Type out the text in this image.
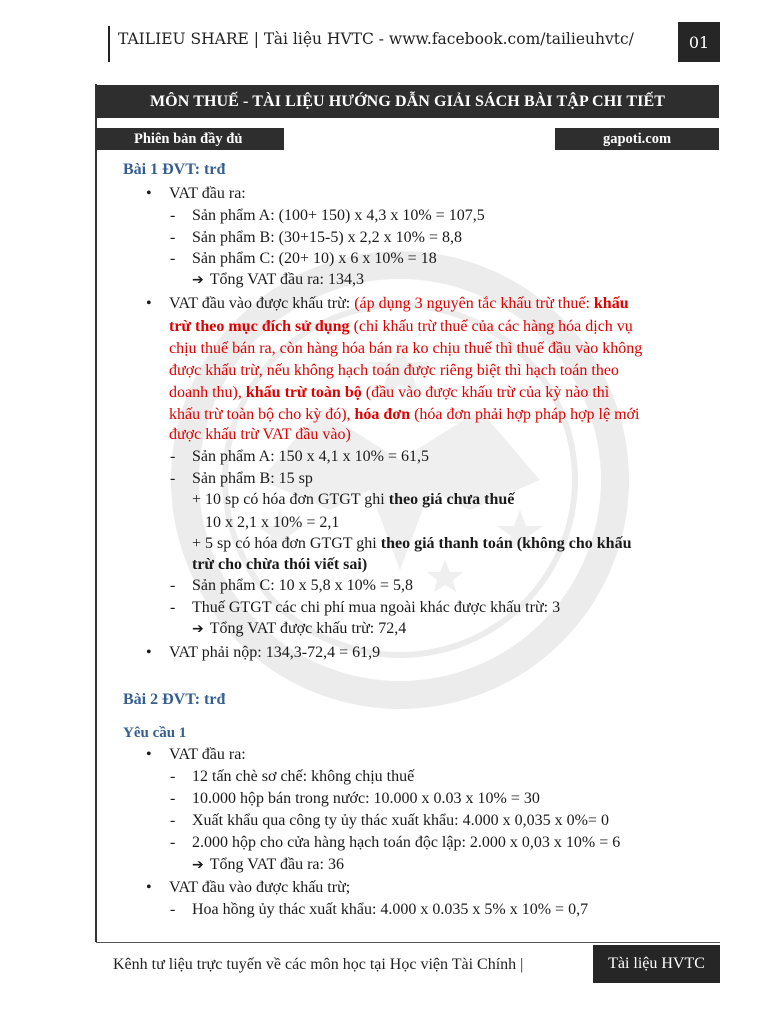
TAILIEU SHARE | Tài liệu HVTC - www.facebook.com/tailieuhvtc/	01
MÔN THUẾ - TÀI LIỆU HƯỚNG DẪN GIẢI SÁCH BÀI TẬP CHI TIẾT
Phiên bản đầy đủ	gapoti.com
Bài 1 ĐVT: trđ
• VAT đầu ra:
- Sản phẩm A: (100+ 150) x 4,3 x 10% = 107,5
- Sản phẩm B: (30+15-5) x 2,2 x 10% = 8,8
- Sản phẩm C: (20+ 10) x 6 x 10% = 18
➔ Tổng VAT đầu ra: 134,3
• VAT đầu vào được khấu trừ: (áp dụng 3 nguyên tắc khấu trừ thuế: khấu
trừ theo mục đích sử dụng (chỉ khấu trừ thuế của các hàng hóa dịch vụ
chịu thuế bán ra, còn hàng hóa bán ra ko chịu thuế thì thuế đầu vào không
được khấu trừ, nếu không hạch toán được riêng biệt thì hạch toán theo
doanh thu), khấu trừ toàn bộ (đầu vào được khấu trừ của kỳ nào thì
khấu trừ toàn bộ cho kỳ đó), hóa đơn (hóa đơn phải hợp pháp hợp lệ mới
được khấu trừ VAT đầu vào)
- Sản phẩm A: 150 x 4,1 x 10% = 61,5
- Sản phẩm B: 15 sp
+ 10 sp có hóa đơn GTGT ghi theo giá chưa thuế
10 x 2,1 x 10% = 2,1
+ 5 sp có hóa đơn GTGT ghi theo giá thanh toán (không cho khấu
trừ cho chừa thói viết sai)
- Sản phẩm C: 10 x 5,8 x 10% = 5,8
- Thuế GTGT các chi phí mua ngoài khác được khấu trừ: 3
➔ Tổng VAT được khấu trừ: 72,4
• VAT phải nộp: 134,3-72,4 = 61,9
Bài 2 ĐVT: trđ
Yêu cầu 1
• VAT đầu ra:
- 12 tấn chè sơ chế: không chịu thuế
- 10.000 hộp bán trong nước: 10.000 x 0.03 x 10% = 30
- Xuất khẩu qua công ty ủy thác xuất khẩu: 4.000 x 0,035 x 0%= 0
- 2.000 hộp cho cửa hàng hạch toán độc lập: 2.000 x 0,03 x 10% = 6
➔ Tổng VAT đầu ra: 36
• VAT đầu vào được khấu trừ;
- Hoa hồng ủy thác xuất khẩu: 4.000 x 0.035 x 5% x 10% = 0,7
Kênh tư liệu trực tuyến về các môn học tại Học viện Tài Chính |	Tài liệu HVTC
